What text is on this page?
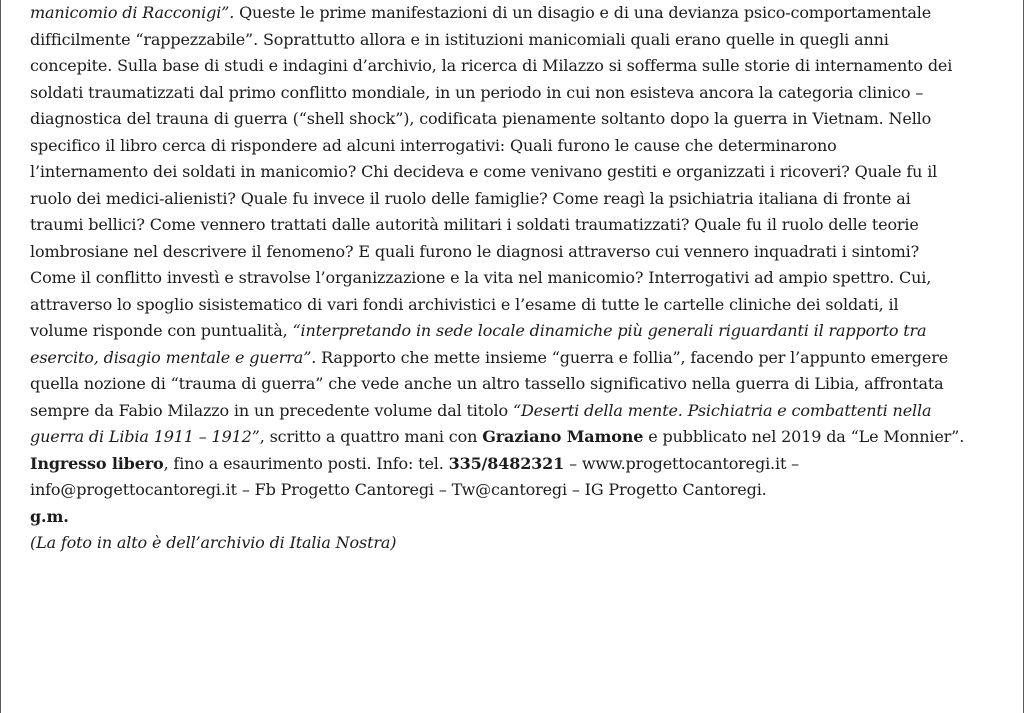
manicomio di Racconigi”. Queste le prime manifestazioni di un disagio e di una devianza psico-comportamentale
difficilmente “rappezzabile”. Soprattutto allora e in istituzioni manicomiali quali erano quelle in quegli anni
concepite. Sulla base di studi e indagini d’archivio, la ricerca di Milazzo si sofferma sulle storie di internamento dei
soldati traumatizzati dal primo conflitto mondiale, in un periodo in cui non esisteva ancora la categoria clinico –
diagnostica del trauna di guerra (“shell shock”), codificata pienamente soltanto dopo la guerra in Vietnam. Nello
specifico il libro cerca di rispondere ad alcuni interrogativi: Quali furono le cause che determinarono
l’internamento dei soldati in manicomio? Chi decideva e come venivano gestiti e organizzati i ricoveri? Quale fu il
ruolo dei medici-alienisti? Quale fu invece il ruolo delle famiglie? Come reagì la psichiatria italiana di fronte ai
traumi bellici? Come vennero trattati dalle autorità militari i soldati traumatizzati? Quale fu il ruolo delle teorie
lombrosiane nel descrivere il fenomeno? E quali furono le diagnosi attraverso cui vennero inquadrati i sintomi?
Come il conflitto investì e stravolse l’organizzazione e la vita nel manicomio? Interrogativi ad ampio spettro. Cui,
attraverso lo spoglio sisistematico di vari fondi archivistici e l’esame di tutte le cartelle cliniche dei soldati, il
volume risponde con puntualità, “interpretando in sede locale dinamiche più generali riguardanti il rapporto tra
esercito, disagio mentale e guerra”. Rapporto che mette insieme “guerra e follia”, facendo per l’appunto emergere
quella nozione di “trauma di guerra” che vede anche un altro tassello significativo nella guerra di Libia, affrontata
sempre da Fabio Milazzo in un precedente volume dal titolo “Deserti della mente. Psichiatria e combattenti nella
guerra di Libia 1911 – 1912”, scritto a quattro mani con Graziano Mamone e pubblicato nel 2019 da “Le Monnier”.

Ingresso libero, fino a esaurimento posti. Info: tel. 335/8482321 – www.progettocantoregi.it –
info@progettocantoregi.it – Fb Progetto Cantoregi – Tw@cantoregi – IG Progetto Cantoregi.

g.m.

(La foto in alto è dell’archivio di Italia Nostra)
